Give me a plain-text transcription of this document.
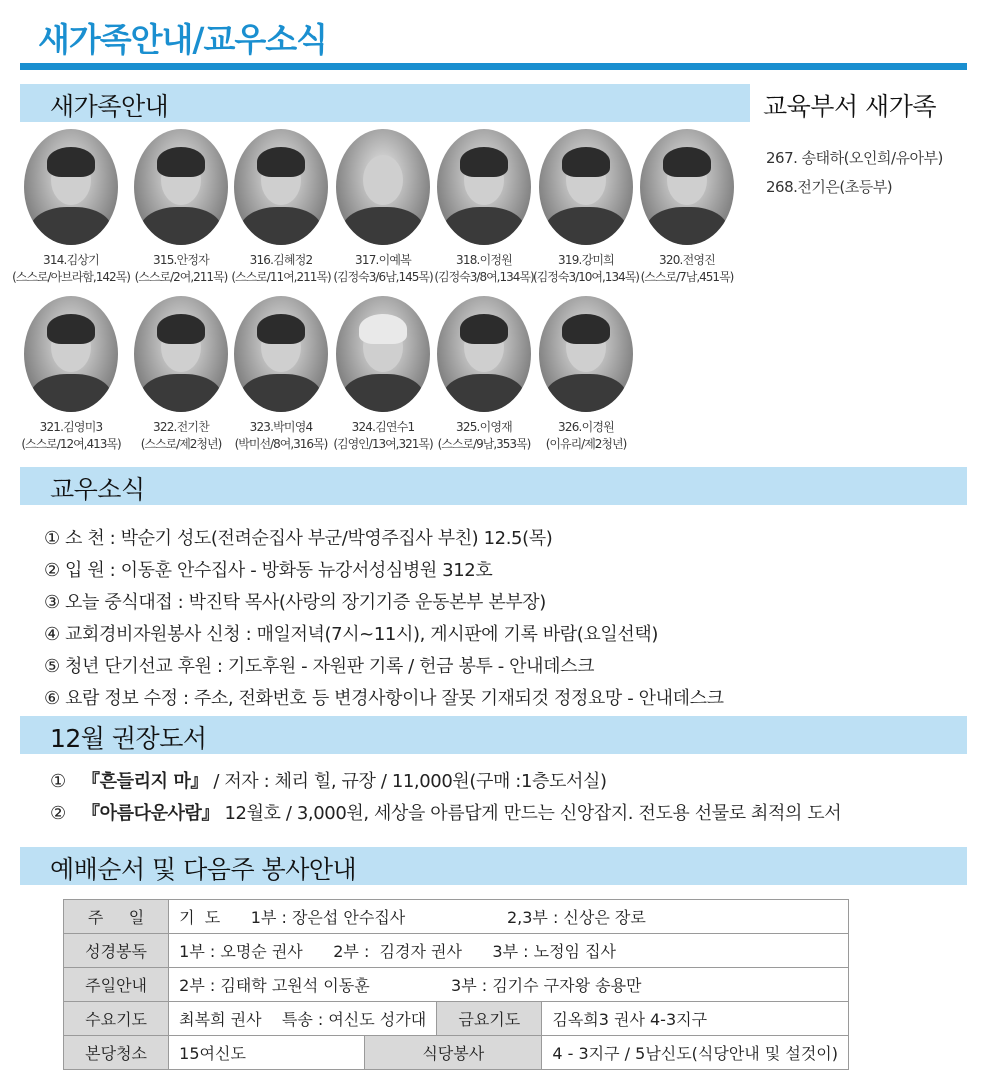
새가족안내/교우소식
새가족안내	교육부서 새가족
267. 송태하(오인희/유아부)
268.전기은(초등부)
314.김상기
(스스로/아브라함,142목)
315.안정자
(스스로/2여,211목)
316.김혜정2
(스스로/11여,211목)
317.이예복
(김정숙3/6남,145목)
318.이정원
(김정숙3/8여,134목)
319.강미희
(김정숙3/10여,134목)
320.전영진
(스스로/7남,451목)
321.김영미3
(스스로/12여,413목)
322.전기찬
(스스로/제2청년)
323.박미영4
(박미선/8여,316목)
324.김연수1
(김영인/13여,321목)
325.이영재
(스스로/9남,353목)
326.이경원
(이유리/제2청년)
교우소식
① 소 천 : 박순기 성도(전려순집사 부군/박영주집사 부친) 12.5(목)
② 입 원 : 이동훈 안수집사 - 방화동 뉴강서성심병원 312호
③ 오늘 중식대접 : 박진탁 목사(사랑의 장기기증 운동본부 본부장)
④ 교회경비자원봉사 신청 : 매일저녁(7시~11시), 게시판에 기록 바람(요일선택)
⑤ 청년 단기선교 후원 : 기도후원 - 자원판 기록 / 헌금 봉투 - 안내데스크
⑥ 요람 정보 수정 : 주소, 전화번호 등 변경사항이나 잘못 기재되것 정정요망 - 안내데스크
12월 권장도서
① 『흔들리지 마』 / 저자 : 체리 힐, 규장 / 11,000원(구매 :1층도서실)
② 『아름다운사람』 12월호 / 3,000원, 세상을 아름답게 만드는 신앙잡지. 전도용 선물로 최적의 도서
예배순서 및 다음주 봉사안내
주     일	기  도      1부 : 장은섭 안수집사                    2,3부 : 신상은 장로			
성경봉독	1부 : 오명순 권사      2부 :  김경자 권사      3부 : 노정임 집사			
주일안내	2부 : 김태학 고원석 이동훈                3부 : 김기수 구자왕 송용만			
수요기도	최복희 권사    특송 : 여신도 성가대		금요기도	김옥희3 권사 4-3지구
본당청소	15여신도	식당봉사		4 - 3지구 / 5남신도(식당안내 및 설것이)
